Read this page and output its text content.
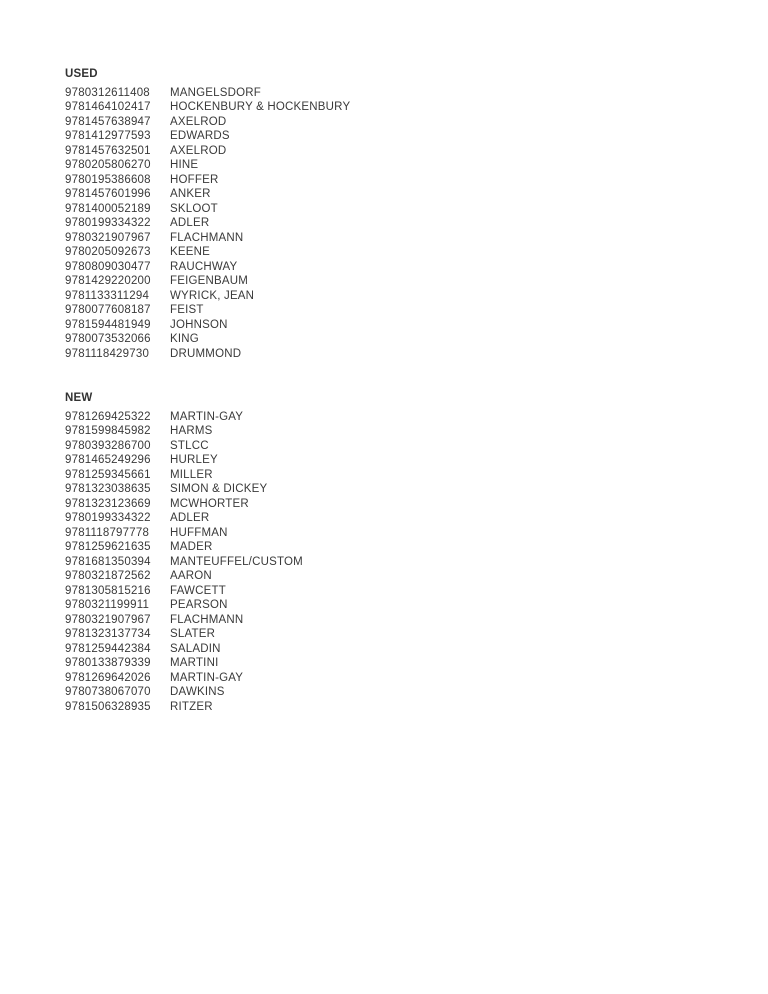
USED
9780312611408 MANGELSDORF
9781464102417 HOCKENBURY & HOCKENBURY
9781457638947 AXELROD
9781412977593 EDWARDS
9781457632501 AXELROD
9780205806270 HINE
9780195386608 HOFFER
9781457601996 ANKER
9781400052189 SKLOOT
9780199334322 ADLER
9780321907967 FLACHMANN
9780205092673 KEENE
9780809030477 RAUCHWAY
9781429220200 FEIGENBAUM
9781133311294 WYRICK, JEAN
9780077608187 FEIST
9781594481949 JOHNSON
9780073532066 KING
9781118429730 DRUMMOND
NEW
9781269425322 MARTIN-GAY
9781599845982 HARMS
9780393286700 STLCC
9781465249296 HURLEY
9781259345661 MILLER
9781323038635 SIMON & DICKEY
9781323123669 MCWHORTER
9780199334322 ADLER
9781118797778 HUFFMAN
9781259621635 MADER
9781681350394 MANTEUFFEL/CUSTOM
9780321872562 AARON
9781305815216 FAWCETT
9780321199911 PEARSON
9780321907967 FLACHMANN
9781323137734 SLATER
9781259442384 SALADIN
9780133879339 MARTINI
9781269642026 MARTIN-GAY
9780738067070 DAWKINS
9781506328935 RITZER
